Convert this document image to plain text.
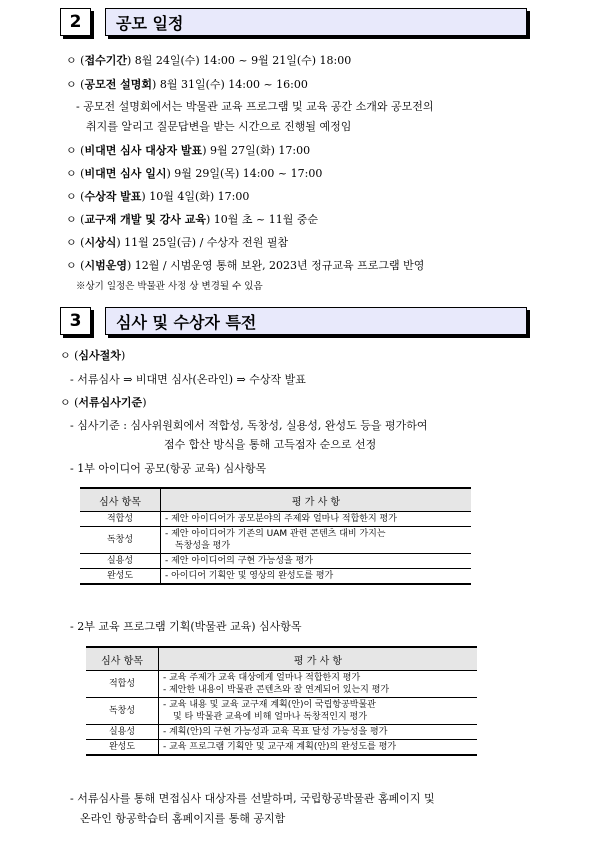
2	공모 일정
ㅇ (접수기간) 8월 24일(수) 14:00 ~ 9월 21일(수) 18:00
ㅇ (공모전 설명회) 8월 31일(수) 14:00 ~ 16:00
- 공모전 설명회에서는 박물관 교육 프로그램 및 교육 공간 소개와 공모전의
취지를 알리고 질문답변을 받는 시간으로 진행될 예정임
ㅇ (비대면 심사 대상자 발표) 9월 27일(화) 17:00
ㅇ (비대면 심사 일시) 9월 29일(목) 14:00 ~ 17:00
ㅇ (수상작 발표) 10월 4일(화) 17:00
ㅇ (교구재 개발 및 강사 교육) 10월 초 ~ 11월 중순
ㅇ (시상식) 11월 25일(금) / 수상자 전원 필참
ㅇ (시범운영) 12월 / 시범운영 통해 보완, 2023년 정규교육 프로그램 반영
※상기 일정은 박물관 사정 상 변경될 수 있음
3	심사 및 수상자 특전
ㅇ (심사절차)
- 서류심사 ⇒ 비대면 심사(온라인) ⇒ 수상작 발표
ㅇ (서류심사기준)
- 심사기준 : 심사위원회에서 적합성, 독창성, 실용성, 완성도 등을 평가하여
점수 합산 방식을 통해 고득점자 순으로 선정
- 1부 아이디어 공모(항공 교육) 심사항목
심사 항목	평 가 사 항
적합성	- 제안 아이디어가 공모분야의 주제와 얼마나 적합한지 평가
독창성	- 제안 아이디어가 기존의 UAM 관련 콘텐츠 대비 가지는
독창성을 평가

실용성	- 제안 아이디어의 구현 가능성을 평가
완성도	- 아이디어 기획안 및 영상의 완성도를 평가
- 2부 교육 프로그램 기획(박물관 교육) 심사항목
심사 항목	평 가 사 항
적합성	- 교육 주제가 교육 대상에게 얼마나 적합한지 평가
- 제안한 내용이 박물관 콘텐츠와 잘 연계되어 있는지 평가

독창성	- 교육 내용 및 교육 교구재 계획(안)이 국립항공박물관
및 타 박물관 교육에 비해 얼마나 독창적인지 평가

실용성	- 계획(안)의 구현 가능성과 교육 목표 달성 가능성을 평가
완성도	- 교육 프로그램 기획안 및 교구재 계획(안)의 완성도를 평가
- 서류심사를 통해 면접심사 대상자를 선발하며, 국립항공박물관 홈페이지 및
온라인 항공학습터 홈페이지를 통해 공지함
